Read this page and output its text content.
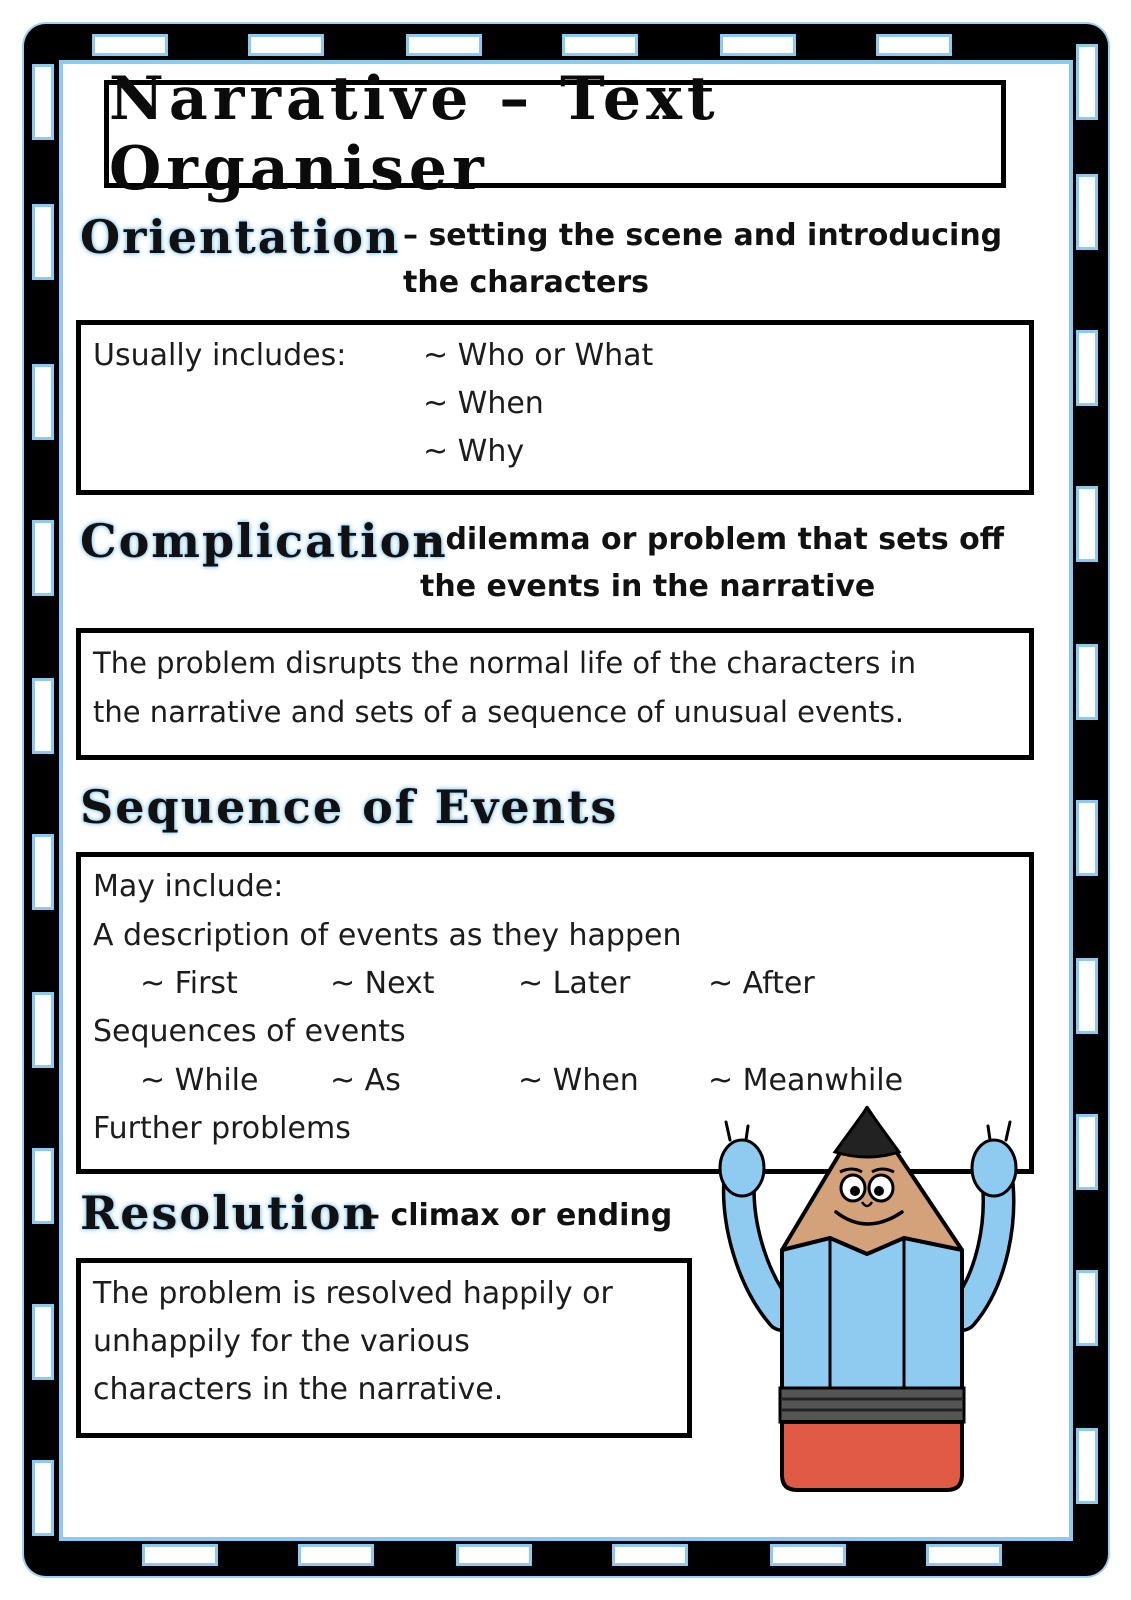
Narrative – Text Organiser
Orientation – setting the scene and introducing
the characters
Usually includes:	~ Who or What
~ When
~ Why
Complication
– dilemma or problem that sets off
the events in the narrative
The problem disrupts the normal life of the characters in
the narrative and sets of a sequence of unusual events.
Sequence of Events
May include:
A description of events as they happen
~ First	~ Next	~ Later	~ After
Sequences of events
~ While ~ As	~ When ~ Meanwhile
Further problems
Resolution
– climax or ending
The problem is resolved happily or
unhappily for the various
characters in the narrative.
